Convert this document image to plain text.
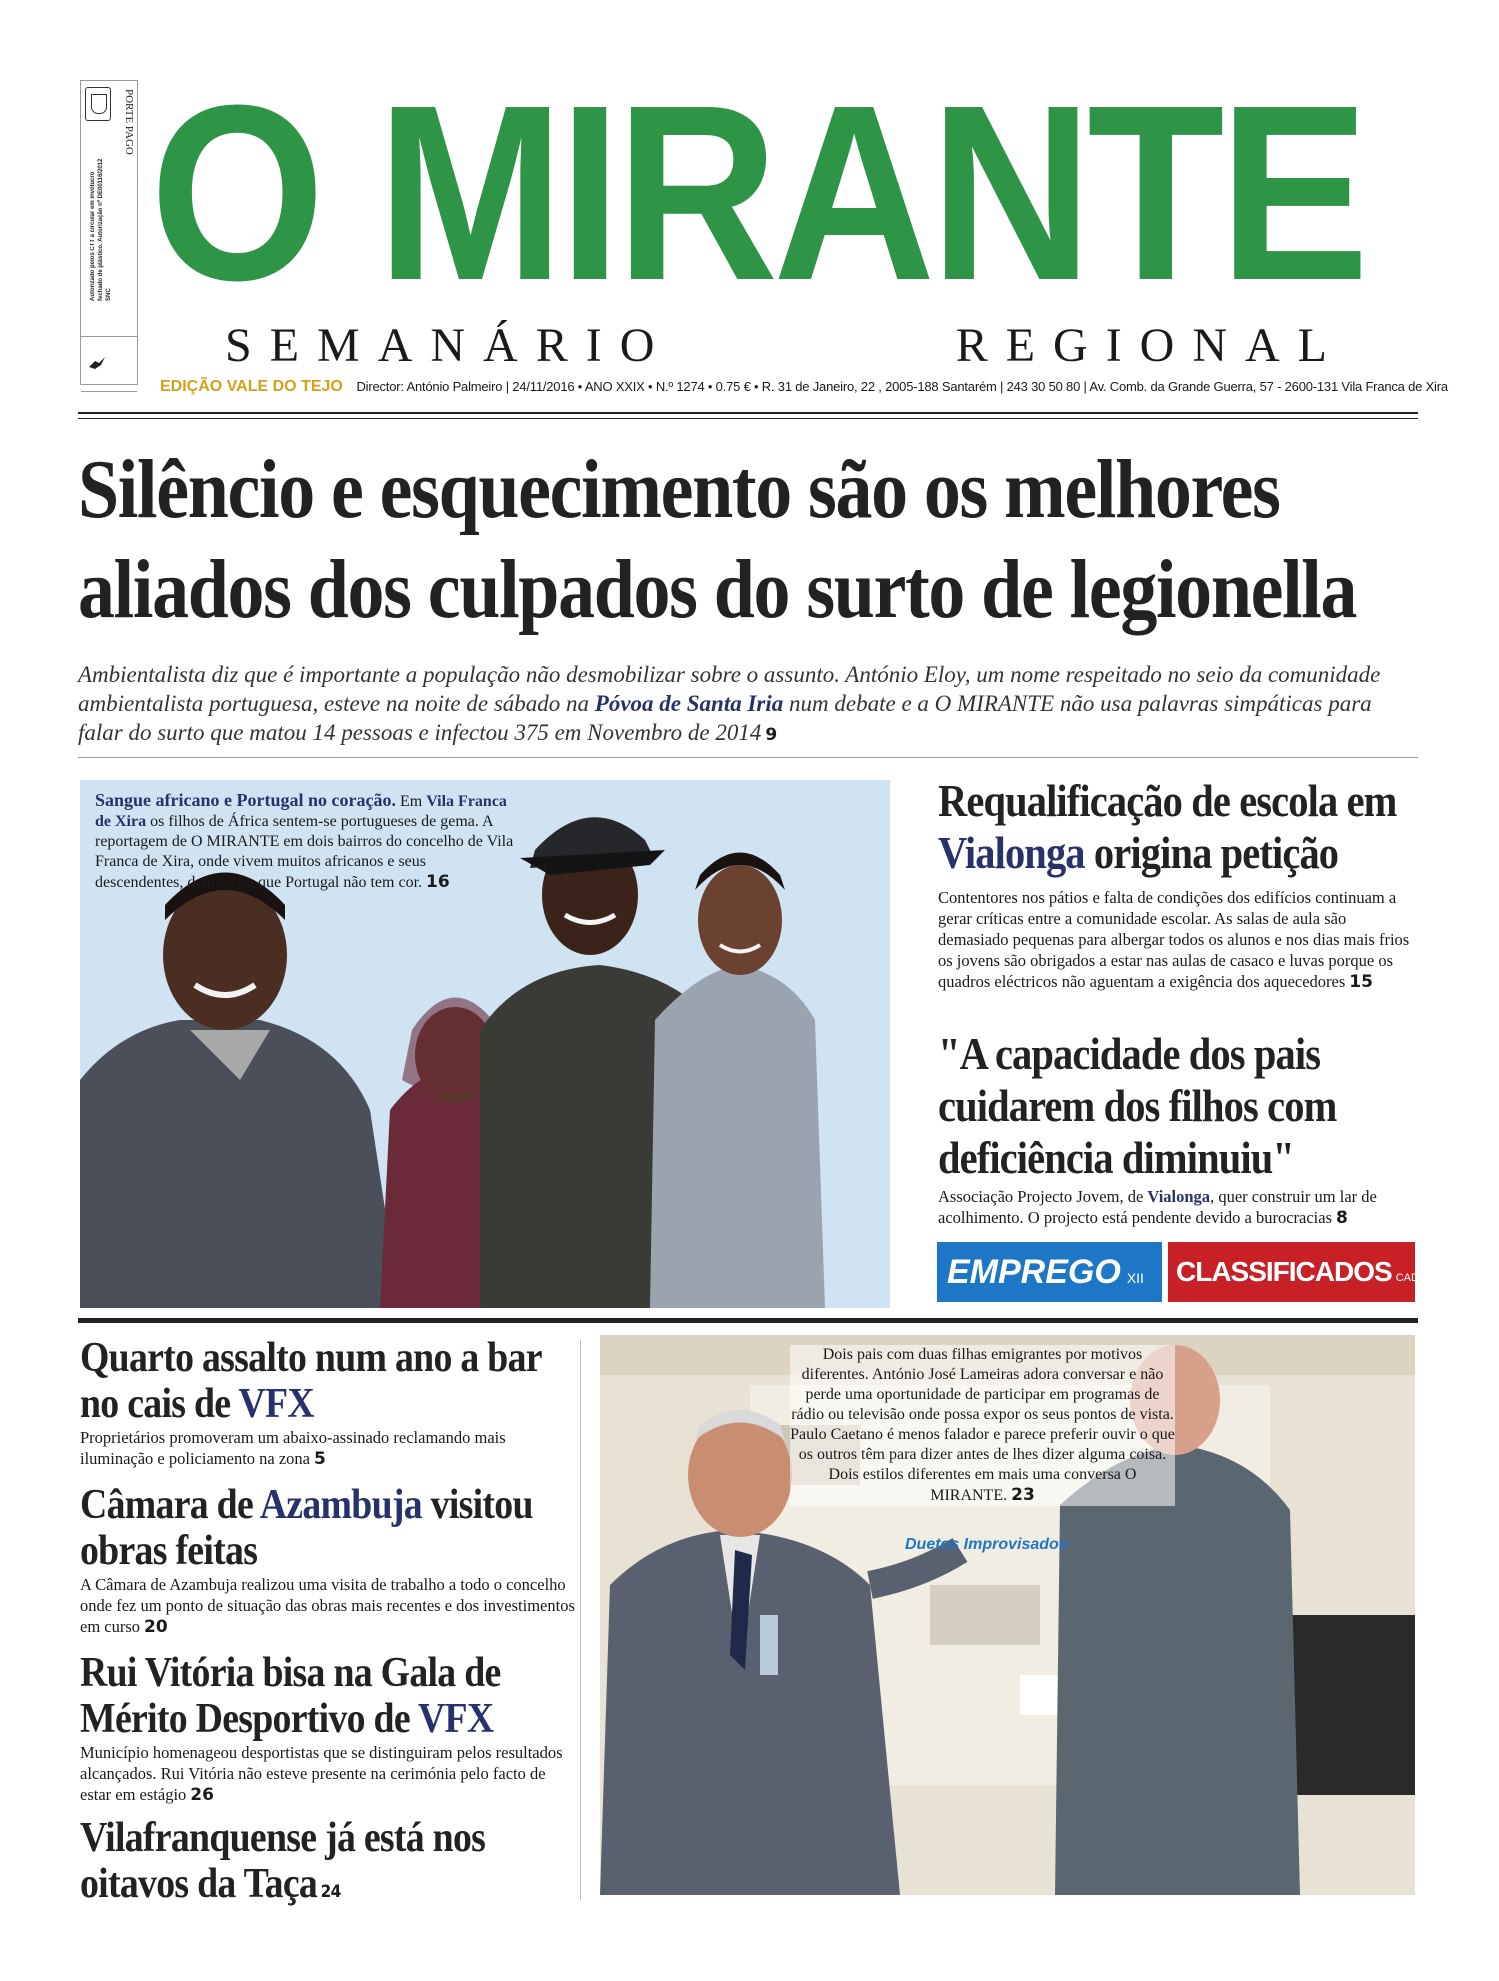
PORTE PAGO
Autorizado pelos CTT a circular em invólucro fechado de plástico. Autorização nº DE00116/2012 SNC O MIRANTE
SEMANÁRIO REGIONAL
EDIÇÃO VALE DO TEJO Director: António Palmeiro | 24/11/2016 • ANO XXIX • N.º 1274 • 0.75 € • R. 31 de Janeiro, 22 , 2005-188 Santarém | 243 30 50 80 | Av. Comb. da Grande Guerra, 57 - 2600-131 Vila Franca de Xira
Silêncio e esquecimento são os melhores
aliados dos culpados do surto de legionella
Ambientalista diz que é importante a população não desmobilizar sobre o assunto. António Eloy, um nome respeitado no seio da comunidade ambientalista portuguesa, esteve na noite de sábado na Póvoa de Santa Iria num debate e a O MIRANTE não usa palavras simpáticas para falar do surto que matou 14 pessoas e infectou 375 em Novembro de 2014 9
Sangue africano e Portugal no coração. Em Vila Franca de Xira os filhos de África sentem-se portugueses de gema. A reportagem de O MIRANTE em dois bairros do concelho de Vila Franca de Xira, onde vivem muitos africanos e seus descendentes, demonstra que Portugal não tem cor. 16
Requalificação de escola em Vialonga origina petição
Contentores nos pátios e falta de condições dos edifícios continuam a gerar críticas entre a comunidade escolar. As salas de aula são demasiado pequenas para albergar todos os alunos e nos dias mais frios os jovens são obrigados a estar nas aulas de casaco e luvas porque os quadros eléctricos não aguentam a exigência dos aquecedores 15
"A capacidade dos pais cuidarem dos filhos com deficiência diminuiu"
Associação Projecto Jovem, de Vialonga, quer construir um lar de acolhimento. O projecto está pendente devido a burocracias 8
EMPREGO XII	CLASSIFICADOS CADERNO
Quarto assalto num ano a bar no cais de VFX
Proprietários promoveram um abaixo-assinado reclamando mais iluminação e policiamento na zona 5
Câmara de Azambuja visitou obras feitas
A Câmara de Azambuja realizou uma visita de trabalho a todo o concelho onde fez um ponto de situação das obras mais recentes e dos investimentos em curso 20
Rui Vitória bisa na Gala de Mérito Desportivo de VFX
Município homenageou desportistas que se distinguiram pelos resultados alcançados. Rui Vitória não esteve presente na cerimónia pelo facto de estar em estágio 26
Vilafranquense já está nos oitavos da Taça 24
Dois pais com duas filhas emigrantes por motivos diferentes. António José Lameiras adora conversar e não perde uma oportunidade de participar em programas de rádio ou televisão onde possa expor os seus pontos de vista. Paulo Caetano é menos falador e parece preferir ouvir o que os outros têm para dizer antes de lhes dizer alguma coisa. Dois estilos diferentes em mais uma conversa O MIRANTE. 23
Duetos Improvisados
